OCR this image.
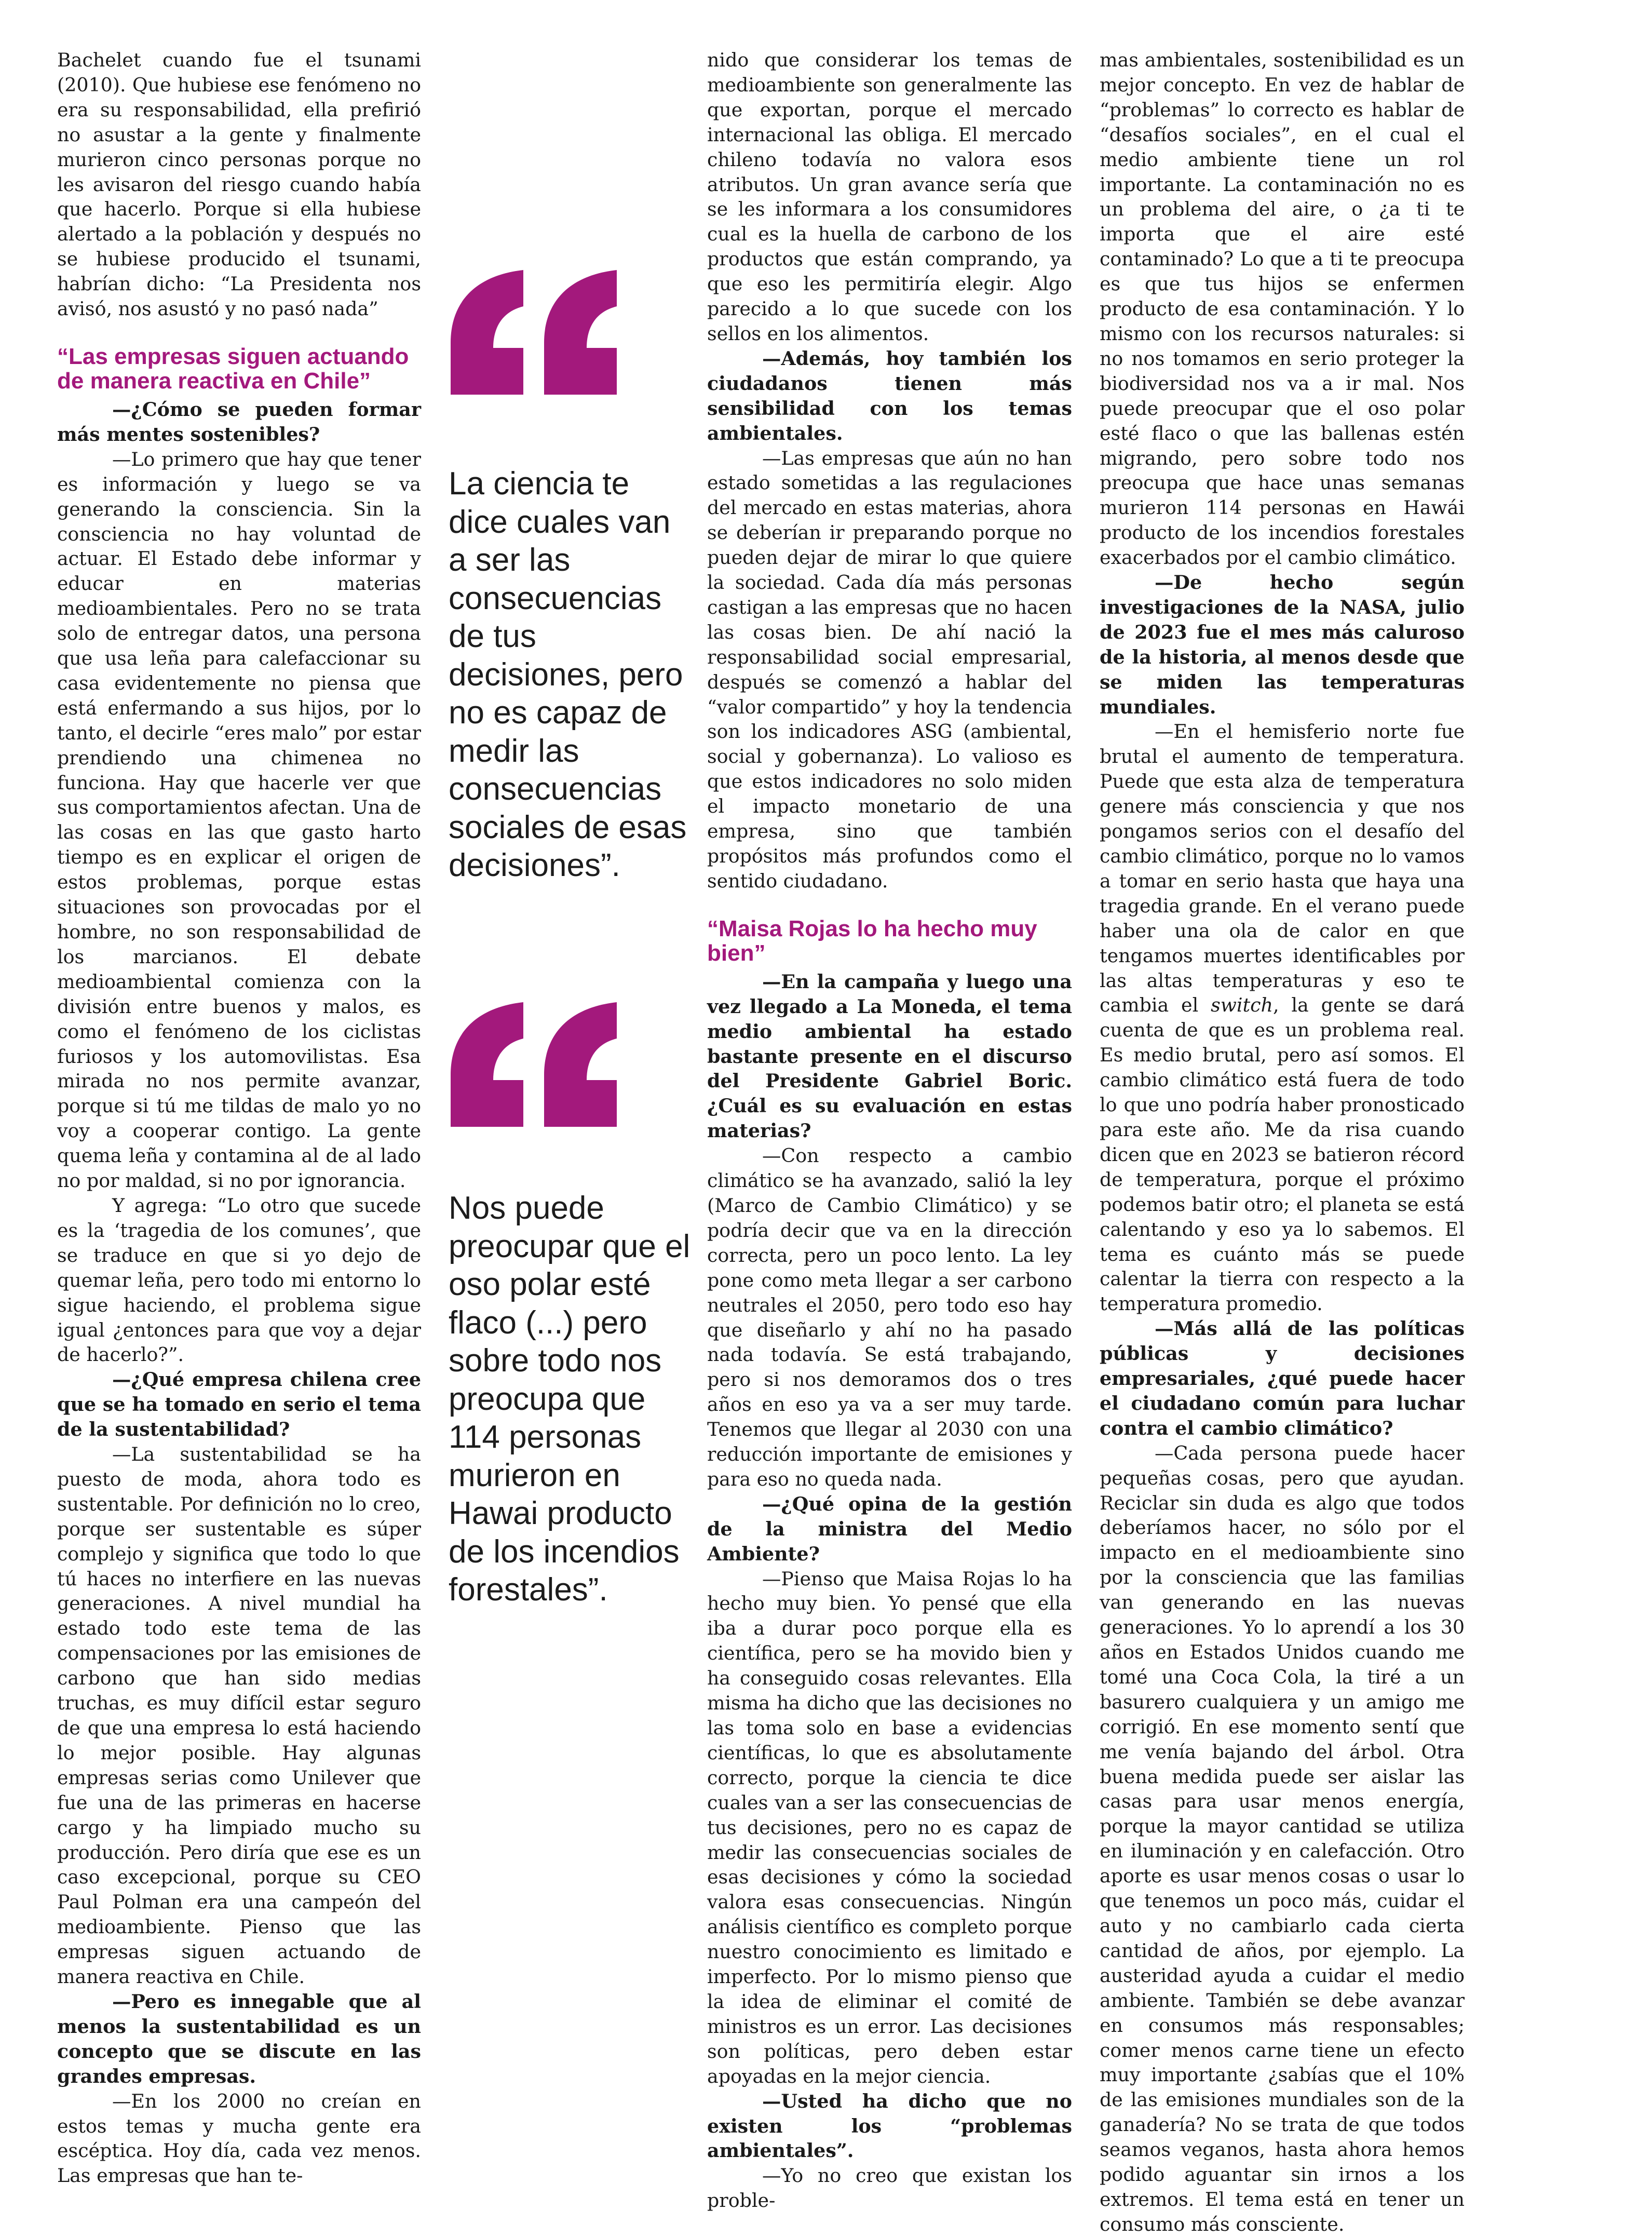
Bachelet cuando fue el tsunami (2010). Que hubiese ese fenómeno no era su responsabilidad, ella prefirió no asustar a la gente y finalmente murieron cinco personas porque no les avisaron del riesgo cuando había que hacerlo. Porque si ella hubiese alertado a la población y después no se hubiese producido el tsunami, habrían dicho: “La Presidenta nos avisó, nos asustó y no pasó nada”

“Las empresas siguen actuando de manera reactiva en Chile”

—¿Cómo se pueden formar más mentes sostenibles?

—Lo primero que hay que tener es información y luego se va generando la consciencia. Sin la consciencia no hay voluntad de actuar. El Estado debe informar y educar en materias medioambientales. Pero no se trata solo de entregar datos, una persona que usa leña para calefaccionar su casa evidentemente no piensa que está enfermando a sus hijos, por lo tanto, el decirle “eres malo” por estar prendiendo una chimenea no funciona. Hay que hacerle ver que sus comportamientos afectan. Una de las cosas en las que gasto harto tiempo es en explicar el origen de estos problemas, porque estas situaciones son provocadas por el hombre, no son responsabilidad de los marcianos. El debate medioambiental comienza con la división entre buenos y malos, es como el fenómeno de los ciclistas furiosos y los automovilistas. Esa mirada no nos permite avanzar, porque si tú me tildas de malo yo no voy a cooperar contigo. La gente quema leña y contamina al de al lado no por maldad, si no por ignorancia.

Y agrega: “Lo otro que sucede es la ‘tragedia de los comunes’, que se traduce en que si yo dejo de quemar leña, pero todo mi entorno lo sigue haciendo, el problema sigue igual ¿entonces para que voy a dejar de hacerlo?”.

—¿Qué empresa chilena cree que se ha tomado en serio el tema de la sustentabilidad?

—La sustentabilidad se ha puesto de moda, ahora todo es sustentable. Por definición no lo creo, porque ser sustentable es súper complejo y significa que todo lo que tú haces no interfiere en las nuevas generaciones. A nivel mundial ha estado todo este tema de las compensaciones por las emisiones de carbono que han sido medias truchas, es muy difícil estar seguro de que una empresa lo está haciendo lo mejor posible. Hay algunas empresas serias como Unilever que fue una de las primeras en hacerse cargo y ha limpiado mucho su producción. Pero diría que ese es un caso excepcional, porque su CEO Paul Polman era una campeón del medioambiente. Pienso que las empresas siguen actuando de manera reactiva en Chile.

—Pero es innegable que al menos la sustentabilidad es un concepto que se discute en las grandes empresas.

—En los 2000 no creían en estos temas y mucha gente era escéptica. Hoy día, cada vez menos. Las empresas que han te-

La ciencia te dice cuales van a ser las consecuencias de tus decisiones, pero no es capaz de medir las consecuencias sociales de esas decisiones”.
Nos puede preocupar que el oso polar esté flaco (...) pero sobre todo nos preocupa que 114 personas murieron en Hawai producto de los incendios forestales”.

nido que considerar los temas de medioambiente son generalmente las que exportan, porque el mercado internacional las obliga. El mercado chileno todavía no valora esos atributos. Un gran avance sería que se les informara a los consumidores cual es la huella de carbono de los productos que están comprando, ya que eso les permitiría elegir. Algo parecido a lo que sucede con los sellos en los alimentos.

—Además, hoy también los ciudadanos tienen más sensibilidad con los temas ambientales.

—Las empresas que aún no han estado sometidas a las regulaciones del mercado en estas materias, ahora se deberían ir preparando porque no pueden dejar de mirar lo que quiere la sociedad. Cada día más personas castigan a las empresas que no hacen las cosas bien. De ahí nació la responsabilidad social empresarial, después se comenzó a hablar del “valor compartido” y hoy la tendencia son los indicadores ASG (ambiental, social y gobernanza). Lo valioso es que estos indicadores no solo miden el impacto monetario de una empresa, sino que también propósitos más profundos como el sentido ciudadano.

“Maisa Rojas lo ha hecho muy bien”

—En la campaña y luego una vez llegado a La Moneda, el tema medio ambiental ha estado bastante presente en el discurso del Presidente Gabriel Boric. ¿Cuál es su evaluación en estas materias?

—Con respecto a cambio climático se ha avanzado, salió la ley (Marco de Cambio Climático) y se podría decir que va en la dirección correcta, pero un poco lento. La ley pone como meta llegar a ser carbono neutrales el 2050, pero todo eso hay que diseñarlo y ahí no ha pasado nada todavía. Se está trabajando, pero si nos demoramos dos o tres años en eso ya va a ser muy tarde. Tenemos que llegar al 2030 con una reducción importante de emisiones y para eso no queda nada.

—¿Qué opina de la gestión de la ministra del Medio Ambiente?

—Pienso que Maisa Rojas lo ha hecho muy bien. Yo pensé que ella iba a durar poco porque ella es científica, pero se ha movido bien y ha conseguido cosas relevantes. Ella misma ha dicho que las decisiones no las toma solo en base a evidencias científicas, lo que es absolutamente correcto, porque la ciencia te dice cuales van a ser las consecuencias de tus decisiones, pero no es capaz de medir las consecuencias sociales de esas decisiones y cómo la sociedad valora esas consecuencias. Ningún análisis científico es completo porque nuestro conocimiento es limitado e imperfecto. Por lo mismo pienso que la idea de eliminar el comité de ministros es un error. Las decisiones son políticas, pero deben estar apoyadas en la mejor ciencia.

—Usted ha dicho que no existen los “problemas ambientales”.

—Yo no creo que existan los proble-

mas ambientales, sostenibilidad es un mejor concepto. En vez de hablar de “problemas” lo correcto es hablar de “desafíos sociales”, en el cual el medio ambiente tiene un rol importante. La contaminación no es un problema del aire, o ¿a ti te importa que el aire esté contaminado? Lo que a ti te preocupa es que tus hijos se enfermen producto de esa contaminación. Y lo mismo con los recursos naturales: si no nos tomamos en serio proteger la biodiversidad nos va a ir mal. Nos puede preocupar que el oso polar esté flaco o que las ballenas estén migrando, pero sobre todo nos preocupa que hace unas semanas murieron 114 personas en Hawái producto de los incendios forestales exacerbados por el cambio climático.

—De hecho según investigaciones de la NASA, julio de 2023 fue el mes más caluroso de la historia, al menos desde que se miden las temperaturas mundiales.

—En el hemisferio norte fue brutal el aumento de temperatura. Puede que esta alza de temperatura genere más consciencia y que nos pongamos serios con el desafío del cambio climático, porque no lo vamos a tomar en serio hasta que haya una tragedia grande. En el verano puede haber una ola de calor en que tengamos muertes identificables por las altas temperaturas y eso te cambia el switch, la gente se dará cuenta de que es un problema real. Es medio brutal, pero así somos. El cambio climático está fuera de todo lo que uno podría haber pronosticado para este año. Me da risa cuando dicen que en 2023 se batieron récord de temperatura, porque el próximo podemos batir otro; el planeta se está calentando y eso ya lo sabemos. El tema es cuánto más se puede calentar la tierra con respecto a la temperatura promedio.

—Más allá de las políticas públicas y decisiones empresariales, ¿qué puede hacer el ciudadano común para luchar contra el cambio climático?

—Cada persona puede hacer pequeñas cosas, pero que ayudan. Reciclar sin duda es algo que todos deberíamos hacer, no sólo por el impacto en el medioambiente sino por la consciencia que las familias van generando en las nuevas generaciones. Yo lo aprendí a los 30 años en Estados Unidos cuando me tomé una Coca Cola, la tiré a un basurero cualquiera y un amigo me corrigió. En ese momento sentí que me venía bajando del árbol. Otra buena medida puede ser aislar las casas para usar menos energía, porque la mayor cantidad se utiliza en iluminación y en calefacción. Otro aporte es usar menos cosas o usar lo que tenemos un poco más, cuidar el auto y no cambiarlo cada cierta cantidad de años, por ejemplo. La austeridad ayuda a cuidar el medio ambiente. También se debe avanzar en consumos más responsables; comer menos carne tiene un efecto muy importante ¿sabías que el 10% de las emisiones mundiales son de la ganadería? No se trata de que todos seamos veganos, hasta ahora hemos podido aguantar sin irnos a los extremos. El tema está en tener un consumo más consciente.
